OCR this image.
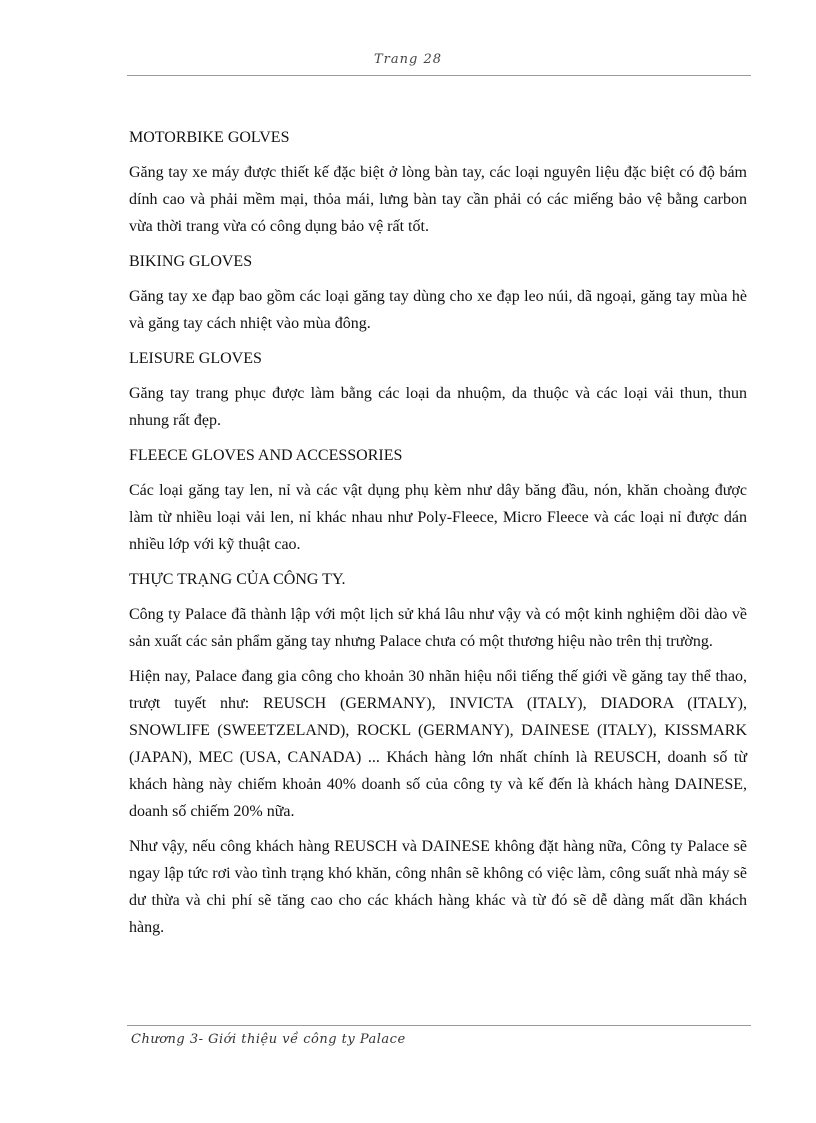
Trang 28

MOTORBIKE GOLVES

Găng tay xe máy được thiết kế đặc biệt ở lòng bàn tay, các loại nguyên liệu đặc biệt có độ bám dính cao và phải mềm mại, thỏa mái, lưng bàn tay cần phải có các miếng bảo vệ bằng carbon vừa thời trang vừa có công dụng bảo vệ rất tốt.

BIKING GLOVES

Găng tay xe đạp bao gồm các loại găng tay dùng cho xe đạp leo núi, dã ngoại, găng tay mùa hè và găng tay cách nhiệt vào mùa đông.

LEISURE GLOVES

Găng tay trang phục được làm bằng các loại da nhuộm, da thuộc và các loại vải thun, thun nhung rất đẹp.

FLEECE GLOVES AND ACCESSORIES

Các loại găng tay len, nỉ và các vật dụng phụ kèm như dây băng đầu, nón, khăn choàng được làm từ nhiều loại vải len, nỉ khác nhau như Poly-Fleece, Micro Fleece và các loại nỉ được dán nhiều lớp với kỹ thuật cao.

THỰC TRẠNG CỦA CÔNG TY.

Công ty Palace đã thành lập với một lịch sử khá lâu như vậy và có một kinh nghiệm dồi dào về sản xuất các sản phẩm găng tay nhưng Palace chưa có một thương hiệu nào trên thị trường.

Hiện nay, Palace đang gia công cho khoản 30 nhãn hiệu nổi tiếng thế giới về găng tay thể thao, trượt tuyết như: REUSCH (GERMANY), INVICTA (ITALY), DIADORA (ITALY), SNOWLIFE (SWEETZELAND), ROCKL (GERMANY), DAINESE (ITALY), KISSMARK (JAPAN), MEC (USA, CANADA) ... Khách hàng lớn nhất chính là REUSCH, doanh số từ khách hàng này chiếm khoản 40% doanh số của công ty và kế đến là khách hàng DAINESE, doanh số chiếm 20% nữa.

Như vậy, nếu công khách hàng REUSCH và DAINESE không đặt hàng nữa, Công ty Palace sẽ ngay lập tức rơi vào tình trạng khó khăn, công nhân sẽ không có việc làm, công suất nhà máy sẽ dư thừa và chi phí sẽ tăng cao cho các khách hàng khác và từ đó sẽ dễ dàng mất dần khách hàng.

Chương 3- Giới thiệu về công ty Palace
